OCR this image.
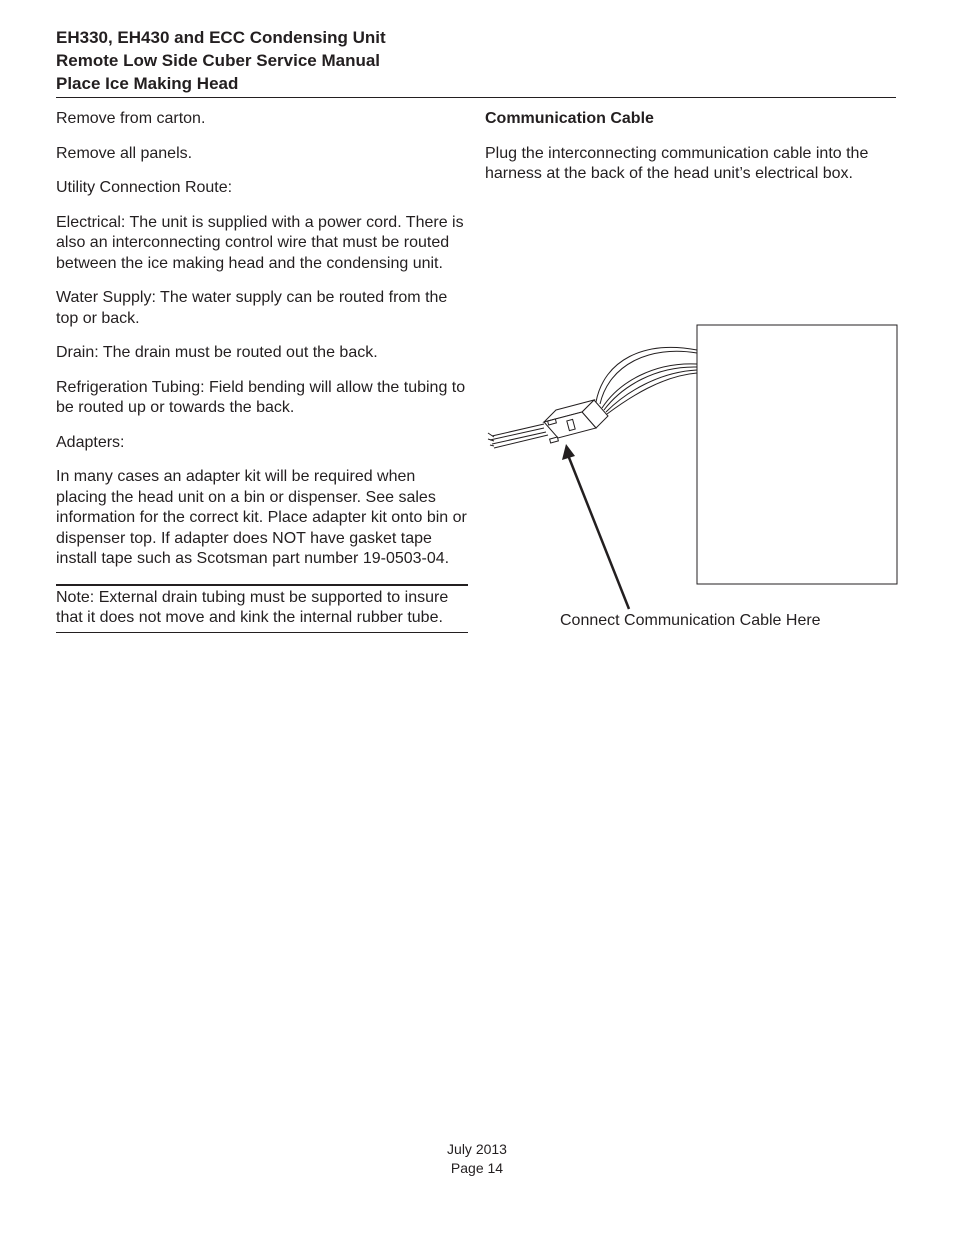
EH330, EH430 and ECC Condensing Unit
Remote Low Side Cuber Service Manual
Place Ice Making Head

Remove from carton.

Remove all panels.

Utility Connection Route:

Electrical: The unit is supplied with a power cord. There is also an interconnecting control wire that must be routed between the ice making head and the condensing unit.

Water Supply: The water supply can be routed from the top or back.

Drain: The drain must be routed out the back.

Refrigeration Tubing: Field bending will allow the tubing to be routed up or towards the back.

Adapters:

In many cases an adapter kit will be required when placing the head unit on a bin or dispenser. See sales information for the correct kit. Place adapter kit onto bin or dispenser top. If adapter does NOT have gasket tape install tape such as Scotsman part number 19-0503-04.

Note: External drain tubing must be supported to insure that it does not move and kink the internal rubber tube.

Communication Cable

Plug the interconnecting communication cable into the harness at the back of the head unit’s electrical box.

Connect Communication Cable Here
July 2013
Page 14
